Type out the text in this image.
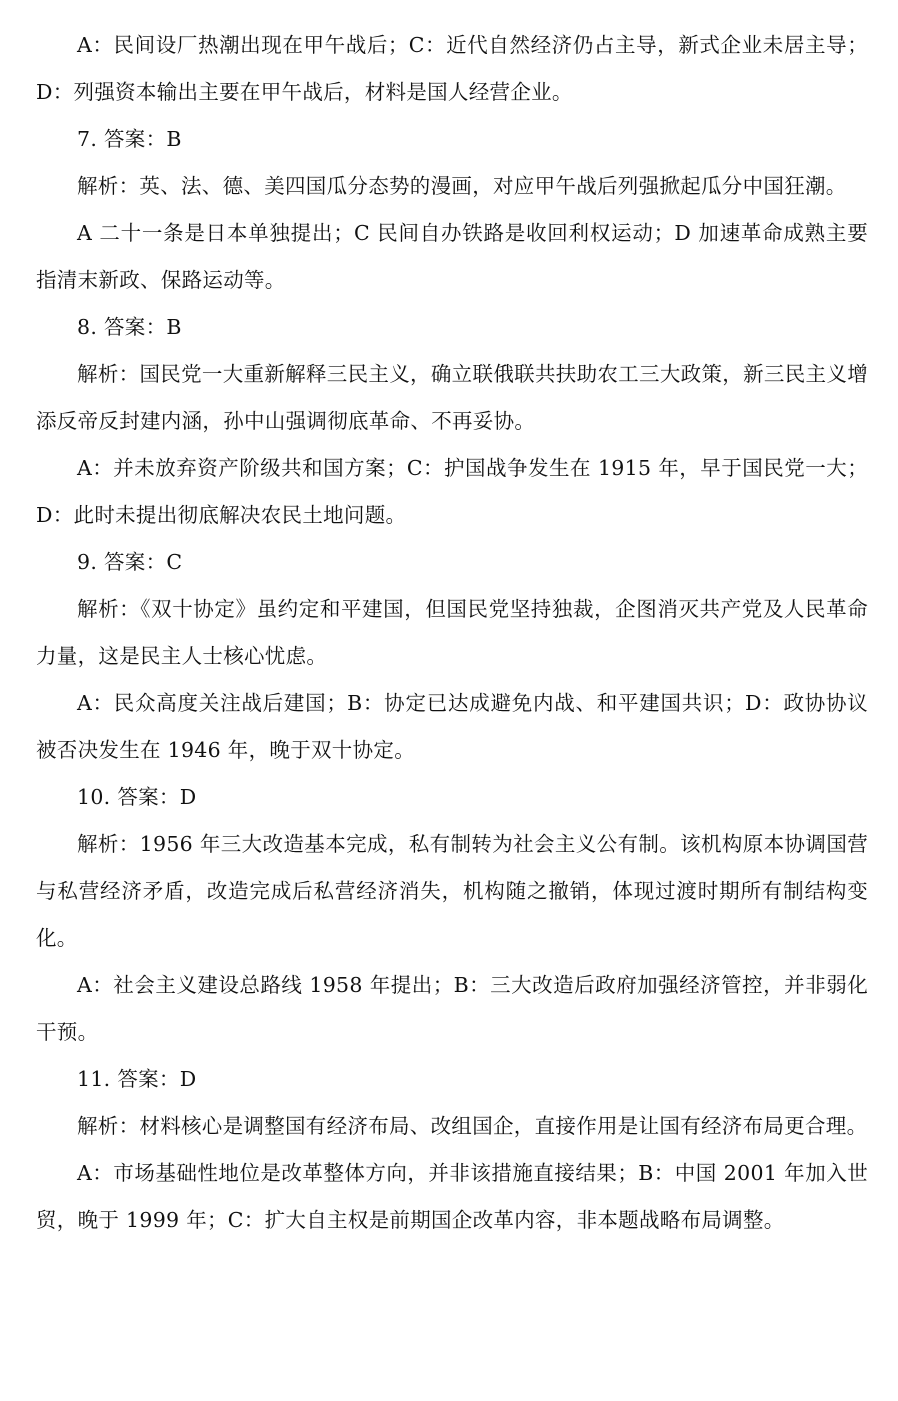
A：民间设厂热潮出现在甲午战后；C：近代自然经济仍占主导，新式企业未居主导；D：列强资本输出主要在甲午战后，材料是国人经营企业。

7. 答案：B

解析：英、法、德、美四国瓜分态势的漫画，对应甲午战后列强掀起瓜分中国狂潮。

A 二十一条是日本单独提出；C 民间自办铁路是收回利权运动；D 加速革命成熟主要指清末新政、保路运动等。

8. 答案：B

解析：国民党一大重新解释三民主义，确立联俄联共扶助农工三大政策，新三民主义增添反帝反封建内涵，孙中山强调彻底革命、不再妥协。

A：并未放弃资产阶级共和国方案；C：护国战争发生在 1915 年，早于国民党一大；D：此时未提出彻底解决农民土地问题。

9. 答案：C

解析：《双十协定》虽约定和平建国，但国民党坚持独裁，企图消灭共产党及人民革命力量，这是民主人士核心忧虑。

A：民众高度关注战后建国；B：协定已达成避免内战、和平建国共识；D：政协协议被否决发生在 1946 年，晚于双十协定。

10. 答案：D

解析：1956 年三大改造基本完成，私有制转为社会主义公有制。该机构原本协调国营与私营经济矛盾，改造完成后私营经济消失，机构随之撤销，体现过渡时期所有制结构变化。

A：社会主义建设总路线 1958 年提出；B：三大改造后政府加强经济管控，并非弱化干预。

11. 答案：D

解析：材料核心是调整国有经济布局、改组国企，直接作用是让国有经济布局更合理。

A：市场基础性地位是改革整体方向，并非该措施直接结果；B：中国 2001 年加入世贸，晚于 1999 年；C：扩大自主权是前期国企改革内容，非本题战略布局调整。
